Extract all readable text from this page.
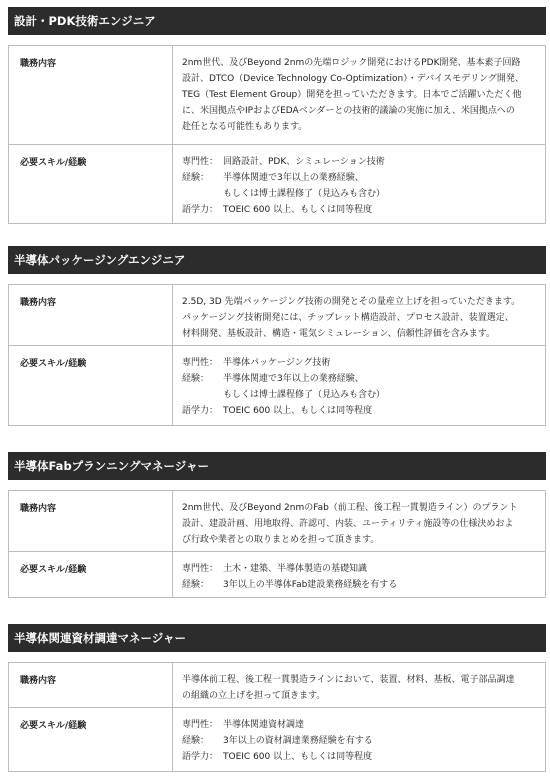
設計・PDK技術エンジニア
職務内容	2nm世代、及びBeyond 2nmの先端ロジック開発におけるPDK開発、基本素子回路
設計、DTCO（Device Technology Co-Optimization）・デバイスモデリング開発、
TEG（Test Element Group）開発を担っていただきます。日本でご活躍いただく他
に、米国拠点やIPおよびEDAベンダーとの技術的議論の実施に加え、米国拠点への
赴任となる可能性もあります。
必要スキル/経験	専門性： 回路設計、PDK、シミュレーション技術
経験：	半導体関連で3年以上の業務経験、
もしくは博士課程修了（見込みも含む）
語学力： TOEIC 600 以上、もしくは同等程度
半導体パッケージングエンジニア
職務内容	2.5D, 3D 先端パッケージング技術の開発とその量産立上げを担っていただきます。
パッケージング技術開発には、チップレット構造設計、プロセス設計、装置選定、
材料開発、基板設計、構造・電気シミュレーション、信頼性評価を含みます。
必要スキル/経験	専門性： 半導体パッケージング技術
経験：	半導体関連で3年以上の業務経験、
もしくは博士課程修了（見込みも含む）
語学力： TOEIC 600 以上、もしくは同等程度
半導体Fabプランニングマネージャー
職務内容	2nm世代、及びBeyond 2nmのFab（前工程、後工程一貫製造ライン）のプラント
設計、建設計画、用地取得、許認可、内装、ユーティリティ施設等の仕様決めおよ
び行政や業者との取りまとめを担って頂きます。
必要スキル/経験	専門性： 土木・建築、半導体製造の基礎知識
経験：	3年以上の半導体Fab建設業務経験を有する
半導体関連資材調達マネージャー
職務内容	半導体前工程、後工程一貫製造ラインにおいて、装置、材料、基板、電子部品調達
の組織の立上げを担って頂きます。
必要スキル/経験	専門性： 半導体関連資材調達
経験：	3年以上の資材調達業務経験を有する
語学力： TOEIC 600 以上、もしくは同等程度
